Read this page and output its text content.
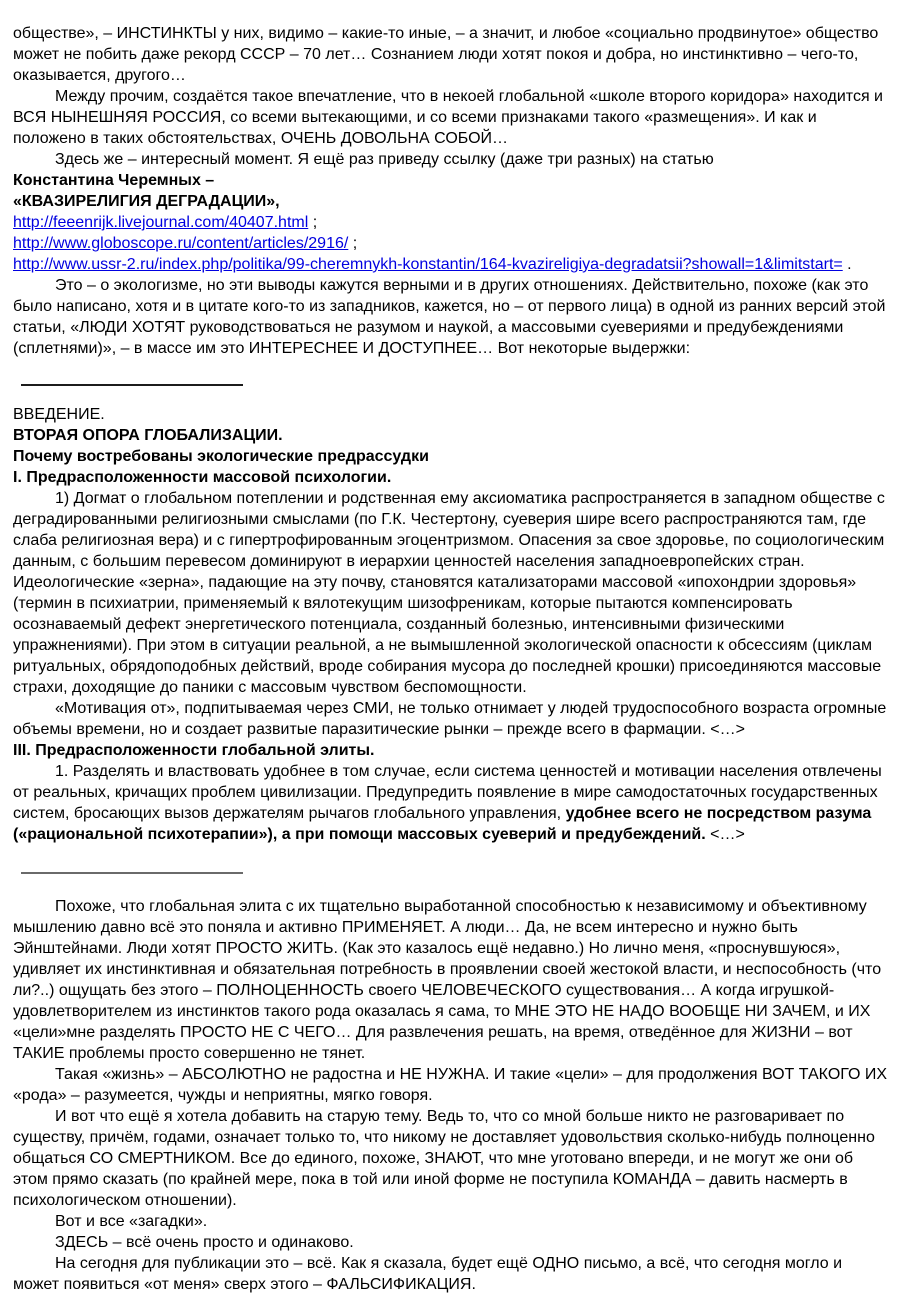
обществе», – ИНСТИНКТЫ у них, видимо – какие-то иные, – а значит, и любое «социально продвинутое» общество может не побить даже рекорд СССР – 70 лет… Сознанием люди хотят покоя и добра, но инстинктивно – чего-то, оказывается, другого…

Между прочим, создаётся такое впечатление, что в некоей глобальной «школе второго коридора» находится и ВСЯ НЫНЕШНЯЯ РОССИЯ, со всеми вытекающими, и со всеми признаками такого «размещения». И как и положено в таких обстоятельствах, ОЧЕНЬ ДОВОЛЬНА СОБОЙ…

Здесь же – интересный момент. Я ещё раз приведу ссылку (даже три разных) на статью

Константина Черемных –

«КВАЗИРЕЛИГИЯ ДЕГРАДАЦИИ»,

http://feeenrijk.livejournal.com/40407.html ;

http://www.globoscope.ru/content/articles/2916/ ;

http://www.ussr-2.ru/index.php/politika/99-cheremnykh-konstantin/164-kvazireligiya-degradatsii?showall=1&limitstart= .

Это – о экологизме, но эти выводы кажутся верными и в других отношениях. Действительно, похоже (как это было написано, хотя и в цитате кого-то из западников, кажется, но – от первого лица) в одной из ранних версий этой статьи, «ЛЮДИ ХОТЯТ руководствоваться не разумом и наукой, а массовыми суевериями и предубеждениями (сплетнями)», – в массе им это ИНТЕРЕСНЕЕ И ДОСТУПНЕЕ… Вот некоторые выдержки:

ВВЕДЕНИЕ.

ВТОРАЯ ОПОРА ГЛОБАЛИЗАЦИИ.

Почему востребованы экологические предрассудки

I. Предрасположенности массовой психологии.

1) Догмат о глобальном потеплении и родственная ему аксиоматика распространяется в западном обществе с деградированными религиозными смыслами (по Г.К. Честертону, суеверия шире всего распространяются там, где слаба религиозная вера) и с гипертрофированным эгоцентризмом. Опасения за свое здоровье, по социологическим данным, с большим перевесом доминируют в иерархии ценностей населения западноевропейских стран. Идеологические «зерна», падающие на эту почву, становятся катализаторами массовой «ипохондрии здоровья» (термин в психиатрии, применяемый к вялотекущим шизофреникам, которые пытаются компенсировать осознаваемый дефект энергетического потенциала, созданный болезнью, интенсивными физическими упражнениями). При этом в ситуации реальной, а не вымышленной экологической опасности к обсессиям (циклам ритуальных, обрядоподобных действий, вроде собирания мусора до последней крошки) присоединяются массовые страхи, доходящие до паники с массовым чувством беспомощности.

«Мотивация от», подпитываемая через СМИ, не только отнимает у людей трудоспособного возраста огромные объемы времени, но и создает развитые паразитические рынки – прежде всего в фармации. <…>

III. Предрасположенности глобальной элиты.

1. Разделять и властвовать удобнее в том случае, если система ценностей и мотивации населения отвлечены от реальных, кричащих проблем цивилизации. Предупредить появление в мире самодостаточных государственных систем, бросающих вызов держателям рычагов глобального управления, удобнее всего не посредством разума («рациональной психотерапии»), а при помощи массовых суеверий и предубеждений. <…>

Похоже, что глобальная элита с их тщательно выработанной способностью к независимому и объективному мышлению давно всё это поняла и активно ПРИМЕНЯЕТ. А люди… Да, не всем интересно и нужно быть Эйнштейнами. Люди хотят ПРОСТО ЖИТЬ. (Как это казалось ещё недавно.) Но лично меня, «проснувшуюся», удивляет их инстинктивная и обязательная потребность в проявлении своей жестокой власти, и неспособность (что ли?..) ощущать без этого – ПОЛНОЦЕННОСТЬ своего ЧЕЛОВЕЧЕСКОГО существования… А когда игрушкой-удовлетворителем из инстинктов такого рода оказалась я сама, то МНЕ ЭТО НЕ НАДО ВООБЩЕ НИ ЗАЧЕМ, и ИХ «цели»мне разделять ПРОСТО НЕ С ЧЕГО… Для развлечения решать, на время, отведённое для ЖИЗНИ – вот ТАКИЕ проблемы просто совершенно не тянет.

Такая «жизнь» – АБСОЛЮТНО не радостна и НЕ НУЖНА. И такие «цели» – для продолжения ВОТ ТАКОГО ИХ «рода» – разумеется, чужды и неприятны, мягко говоря.

И вот что ещё я хотела добавить на старую тему. Ведь то, что со мной больше никто не разговаривает по существу, причём, годами, означает только то, что никому не доставляет удовольствия сколько-нибудь полноценно общаться СО СМЕРТНИКОМ. Все до единого, похоже, ЗНАЮТ, что мне уготовано впереди, и не могут же они об этом прямо сказать (по крайней мере, пока в той или иной форме не поступила КОМАНДА – давить насмерть в психологическом отношении).

Вот и все «загадки».

ЗДЕСЬ – всё очень просто и одинаково.

На сегодня для публикации это – всё. Как я сказала, будет ещё ОДНО письмо, а всё, что сегодня могло и может появиться «от меня» сверх этого – ФАЛЬСИФИКАЦИЯ.
